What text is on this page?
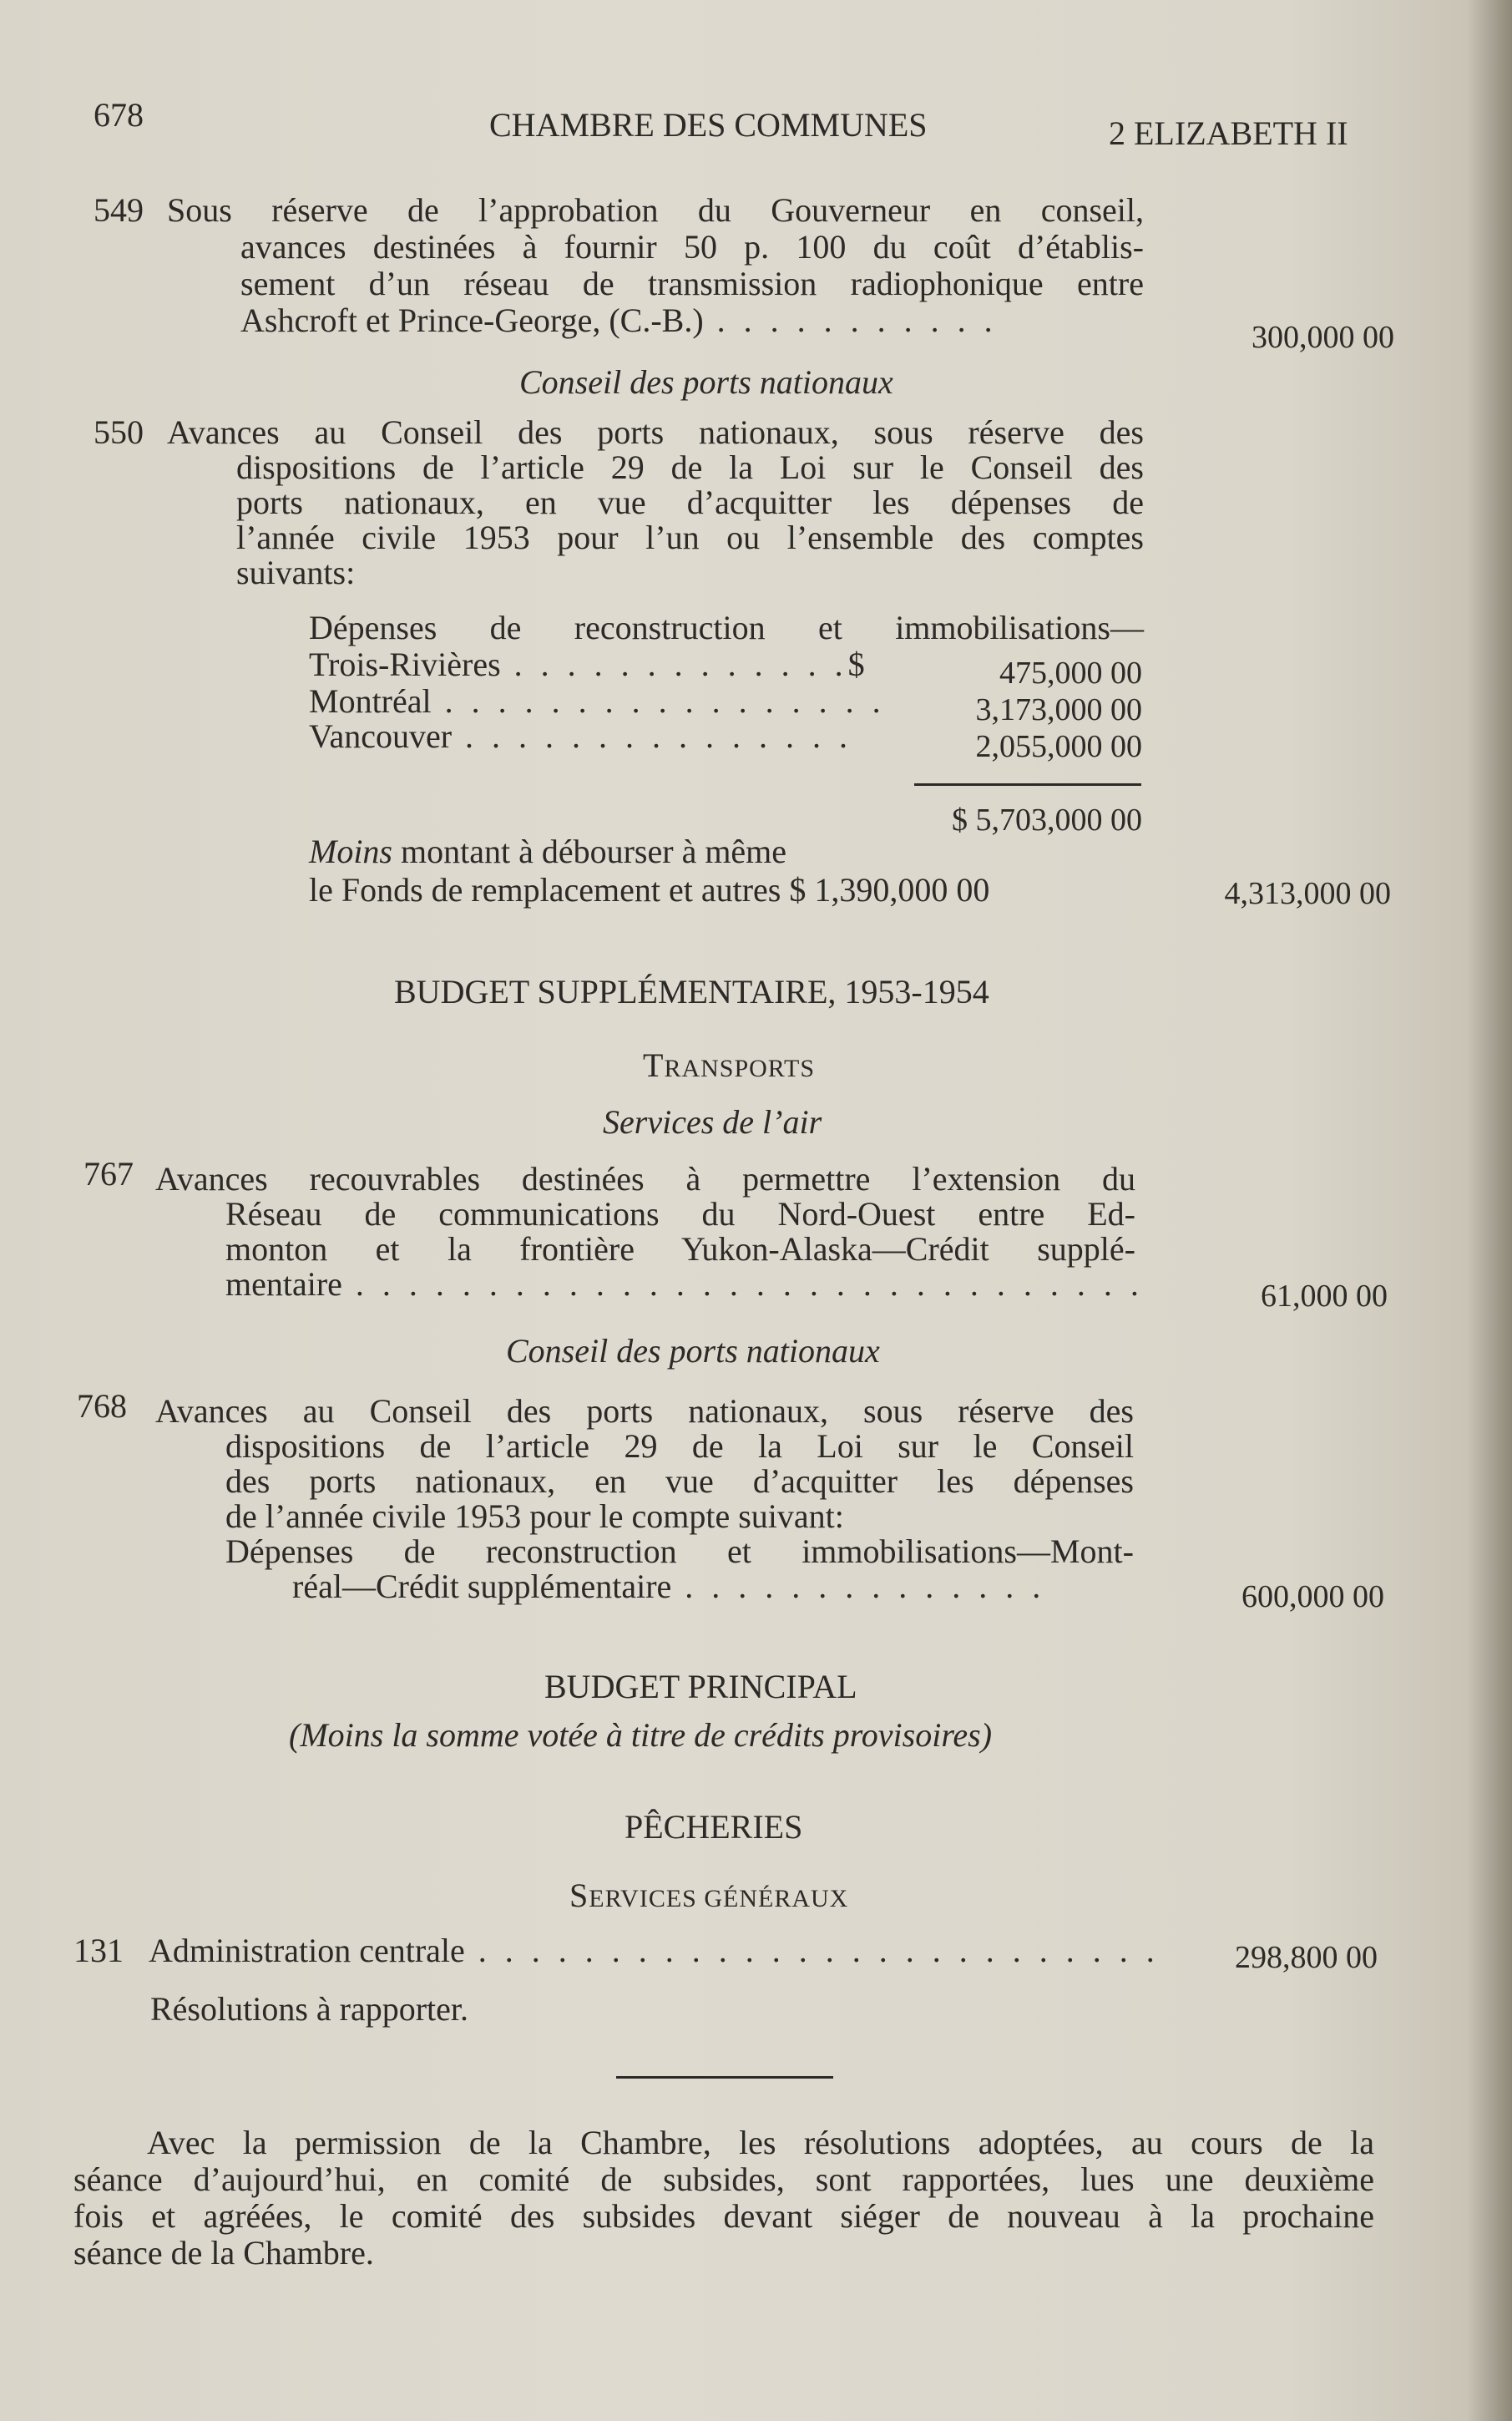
678	CHAMBRE DES COMMUNES	2 ELIZABETH II
549 Sous réserve de l’approbation du Gouverneur en conseil,
avances destinées à fournir 50 p. 100 du coût d’établis-
sement d’un réseau de transmission radiophonique entre
Ashcroft et Prince-George, (C.-B.) . . . . . . . . . . .	300,000 00
Conseil des ports nationaux
550 Avances au Conseil des ports nationaux, sous réserve des
dispositions de l’article 29 de la Loi sur le Conseil des
ports nationaux, en vue d’acquitter les dépenses de
l’année civile 1953 pour l’un ou l’ensemble des comptes
suivants:
Dépenses de reconstruction et immobilisations—
Trois-Rivières . . . . . . . . . . . . .$	475,000 00
Montréal . . . . . . . . . . . . . . . . .	3,173,000 00
Vancouver . . . . . . . . . . . . . . .	2,055,000 00
$ 5,703,000 00
Moins montant à débourser à même
le Fonds de remplacement et autres $ 1,390,000 00	4,313,000 00
BUDGET SUPPLÉMENTAIRE, 1953-1954
TRANSPORTS
Services de l’air
767 Avances recouvrables destinées à permettre l’extension du
Réseau de communications du Nord-Ouest entre Ed-
monton et la frontière Yukon-Alaska—Crédit supplé-
mentaire . . . . . . . . . . . . . . . . . . . . . . . . . . . . . .	61,000 00
Conseil des ports nationaux
768 Avances au Conseil des ports nationaux, sous réserve des
dispositions de l’article 29 de la Loi sur le Conseil
des ports nationaux, en vue d’acquitter les dépenses
de l’année civile 1953 pour le compte suivant:
Dépenses de reconstruction et immobilisations—Mont-
réal—Crédit supplémentaire . . . . . . . . . . . . . .	600,000 00
BUDGET PRINCIPAL
(Moins la somme votée à titre de crédits provisoires)
PÊCHERIES
SERVICES GÉNÉRAUX
131 Administration centrale . . . . . . . . . . . . . . . . . . . . . . . . . .	298,800 00
Résolutions à rapporter.
Avec la permission de la Chambre, les résolutions adoptées, au cours de la
séance d’aujourd’hui, en comité de subsides, sont rapportées, lues une deuxième
fois et agréées, le comité des subsides devant siéger de nouveau à la prochaine
séance de la Chambre.
